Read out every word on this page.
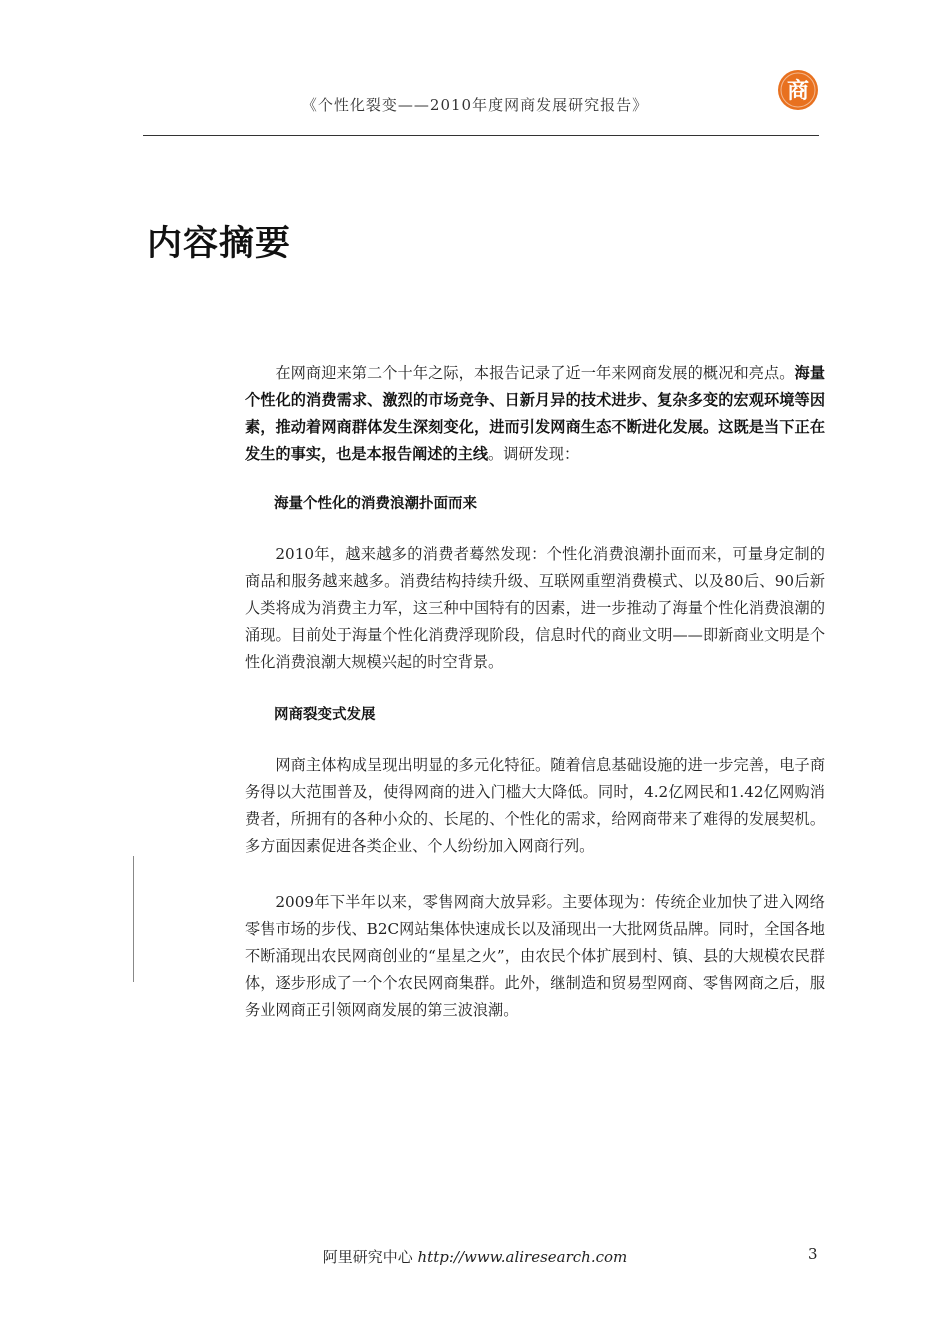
《个性化裂变——2010年度网商发展研究报告》
商
内容摘要

在网商迎来第二个十年之际，本报告记录了近一年来网商发展的概况和亮点。海量个性化的消费需求、激烈的市场竞争、日新月异的技术进步、复杂多变的宏观环境等因素，推动着网商群体发生深刻变化，进而引发网商生态不断进化发展。这既是当下正在发生的事实，也是本报告阐述的主线。调研发现：

海量个性化的消费浪潮扑面而来

2010年，越来越多的消费者蓦然发现：个性化消费浪潮扑面而来，可量身定制的商品和服务越来越多。消费结构持续升级、互联网重塑消费模式、以及80后、90后新人类将成为消费主力军，这三种中国特有的因素，进一步推动了海量个性化消费浪潮的涌现。目前处于海量个性化消费浮现阶段，信息时代的商业文明——即新商业文明是个性化消费浪潮大规模兴起的时空背景。

网商裂变式发展

网商主体构成呈现出明显的多元化特征。随着信息基础设施的进一步完善，电子商务得以大范围普及，使得网商的进入门槛大大降低。同时，4.2亿网民和1.42亿网购消费者，所拥有的各种小众的、长尾的、个性化的需求，给网商带来了难得的发展契机。多方面因素促进各类企业、个人纷纷加入网商行列。

2009年下半年以来，零售网商大放异彩。主要体现为：传统企业加快了进入网络零售市场的步伐、B2C网站集体快速成长以及涌现出一大批网货品牌。同时，全国各地不断涌现出农民网商创业的“星星之火”，由农民个体扩展到村、镇、县的大规模农民群体，逐步形成了一个个农民网商集群。此外，继制造和贸易型网商、零售网商之后，服务业网商正引领网商发展的第三波浪潮。

阿里研究中心 http://www.aliresearch.com	3
